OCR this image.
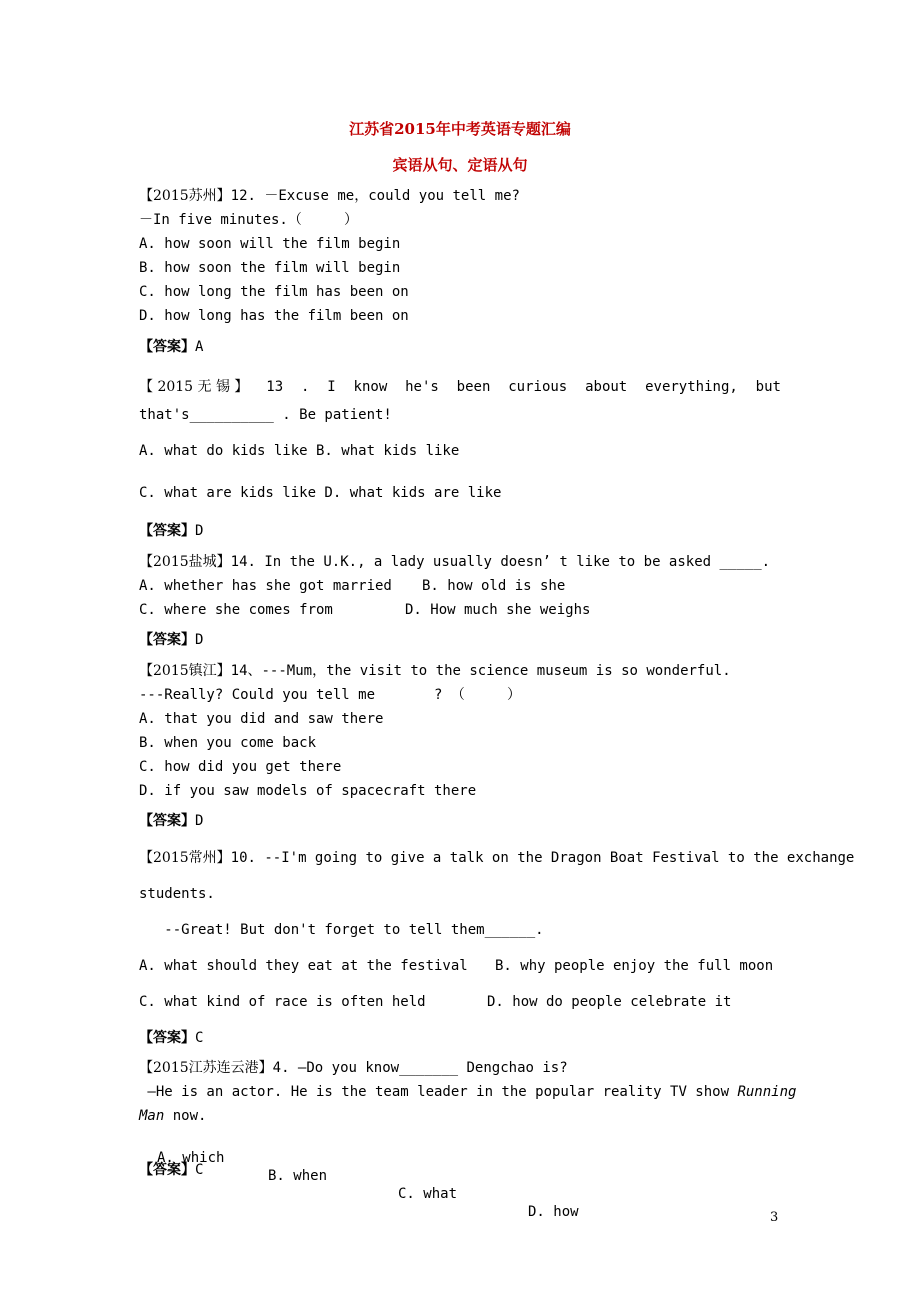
江苏省2015年中考英语专题汇编
宾语从句、定语从句
【2015苏州】12. －Excuse me，could you tell me?
－In five minutes.（     ）
A. how soon will the film begin
B. how soon the film will begin
C. how long the film has been on
D. how long has the film been on
【答案】A
【 2015 无 锡 】 13 . I know he's been curious about everything, but
that's__________ . Be patient!
A. what do kids like B. what kids like
C. what are kids like D. what kids are like
【答案】D
【2015盐城】14. In the U.K., a lady usually doesn’ t like to be asked _____.
A. whether has she got married B. how old is she
C. where she comes from	D. How much she weighs
【答案】D
【2015镇江】14、---Mum，the visit to the science museum is so wonderful.
---Really? Could you tell me       ? （     ）
A. that you did and saw there
B. when you come back
C. how did you get there
D. if you saw models of spacecraft there
【答案】D
【2015常州】10. --I'm going to give a talk on the Dragon Boat Festival to the exchange
students.
--Great! But don't forget to tell them______.
A. what should they eat at the festival B. why people enjoy the full moon
C. what kind of race is often held	D. how do people celebrate it
【答案】C
【2015江苏连云港】4. —Do you know_______ Dengchao is?
—He is an actor. He is the team leader in the popular reality TV show Running
Man now.

A. which

B. when

C. what

D. how

【答案】C
3
